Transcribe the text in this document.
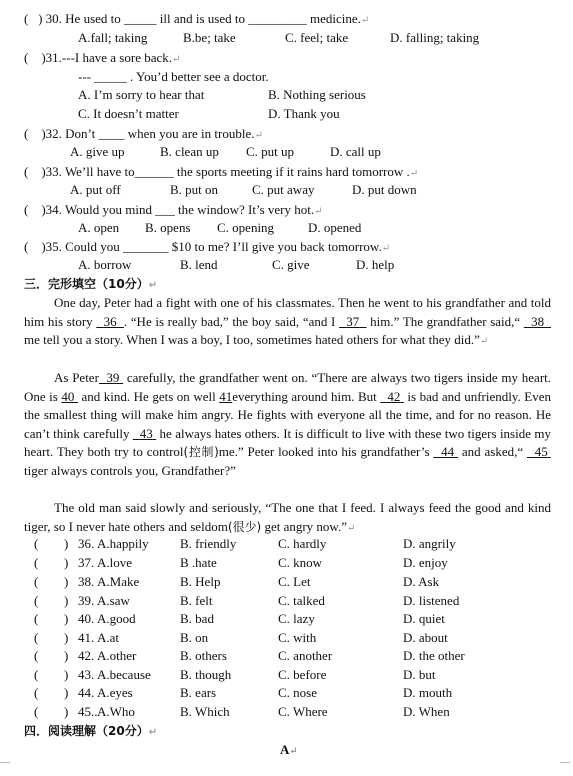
( ) 30. He used to _____ ill and is used to _________ medicine.↵
A.fall; taking	B.be; take	C. feel; take	D. falling; taking
( )31.---I have a sore back.↵
--- _____ . You’d better see a doctor.
A. I’m sorry to hear that	B. Nothing serious
C. It doesn’t matter	D. Thank you
( )32. Don’t ____ when you are in trouble.↵
A. give up	B. clean up C. put up	D. call up
( )33. We’ll have to______ the sports meeting if it rains hard tomorrow .↵
A. put off	B. put on	C. put away	D. put down
( )34. Would you mind ___ the window? It’s very hot.↵
A. open B. opens C. opening	D. opened
( )35. Could you _______ $10 to me? I’ll give you back tomorrow.↵
A. borrow	B. lend	C. give	D. help
三．完形填空（10分）↵
One day, Peter had a fight with one of his classmates. Then he went to his grandfather and told him his story   36 . “He is really bad,” the boy said, “and I   37   him.” The grandfather said,“   38   me tell you a story. When I was a boy, I too, sometimes hated others for what they did.”↵
As Peter 39  carefully, the grandfather went on. “There are always two tigers inside my heart. One is 40  and kind. He gets on well 41everything around him. But   42  is bad and unfriendly. Even the smallest thing will make him angry. He fights with everyone all the time, and for no reason. He can’t think carefully   43  he always hates others. It is difficult to live with these two tigers inside my heart. They both try to control(控制)me.” Peter looked into his grandfather’s   44  and asked,“   45  tiger always controls you, Grandfather?”
The old man said slowly and seriously, “The one that I feed. I always feed the good and kind tiger, so I never hate others and seldom(很少) get angry now.”↵
( ) 36. A.happily B. friendly	C. hardly	D. angrily
( ) 37. A.love	B .hate	C. know	D. enjoy
( ) 38. A.Make	B. Help	C. Let	D. Ask
( ) 39. A.saw	B. felt	C. talked	D. listened
( ) 40. A.good	B. bad	C. lazy	D. quiet
( ) 41. A.at	B. on	C. with	D. about
( ) 42. A.other	B. others	C. another	D. the other
( ) 43. A.because B. though	C. before	D. but
( ) 44. A.eyes	B. ears	C. nose	D. mouth
( ) 45.. A.Who	B. Which	C. Where	D. When
四．阅读理解（20分）↵
A↵
